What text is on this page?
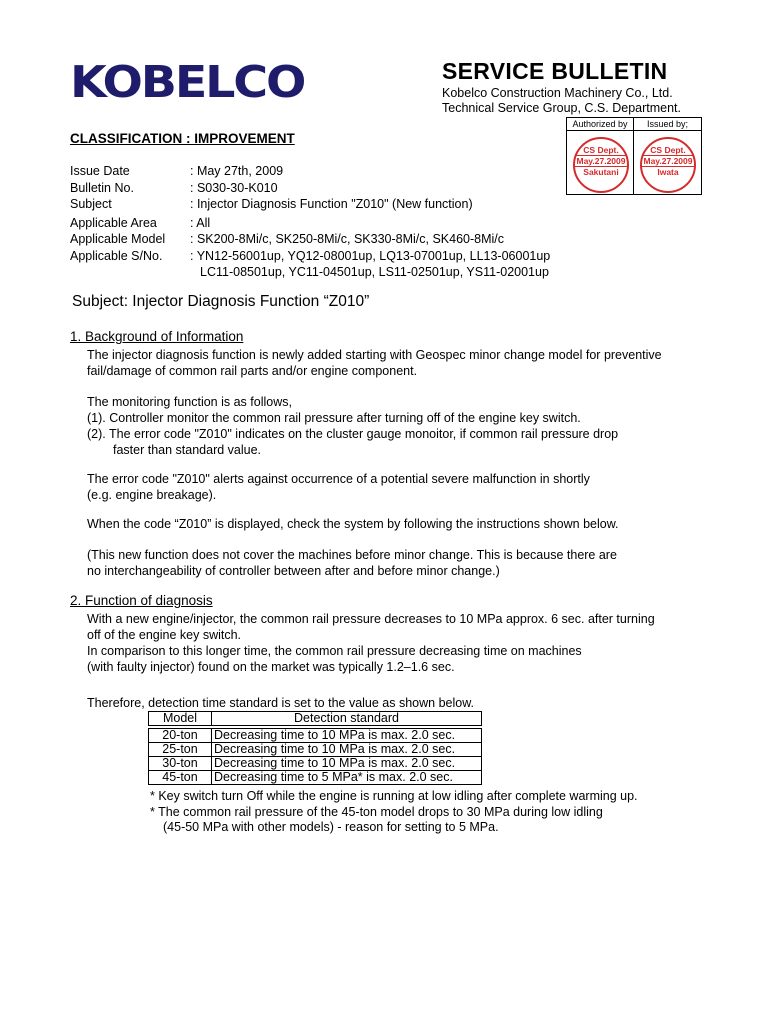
KOBELCO	SERVICE BULLETIN
Kobelco Construction Machinery Co., Ltd.
Technical Service Group, C.S. Department.
Authorized by	Issued by;
CS Dept.
May.27.2009
Sakutani
CS Dept.
May.27.2009
Iwata
CLASSIFICATION : IMPROVEMENT
Issue Date	: May 27th, 2009
Bulletin No.	: S030-30-K010
Subject	: Injector Diagnosis Function "Z010" (New function)
Applicable Area	: All
Applicable Model	: SK200-8Mi/c, SK250-8Mi/c, SK330-8Mi/c, SK460-8Mi/c
Applicable S/No.	: YN12-56001up, YQ12-08001up, LQ13-07001up, LL13-06001up
LC11-08501up, YC11-04501up, LS11-02501up, YS11-02001up
Subject: Injector Diagnosis Function “Z010”
1. Background of Information
The injector diagnosis function is newly added starting with Geospec minor change model for preventive
fail/damage of common rail parts and/or engine component.
The monitoring function is as follows,
(1). Controller monitor the common rail pressure after turning off of the engine key switch.
(2). The error code "Z010" indicates on the cluster gauge monoitor, if common rail pressure drop
faster than standard value.
The error code "Z010" alerts against occurrence of a potential severe malfunction in shortly
(e.g. engine breakage).
When the code “Z010” is displayed, check the system by following the instructions shown below.
(This new function does not cover the machines before minor change. This is because there are
no interchangeability of controller between after and before minor change.)
2. Function of diagnosis
With a new engine/injector, the common rail pressure decreases to 10 MPa approx. 6 sec. after turning
off of the engine key switch.
In comparison to this longer time, the common rail pressure decreasing time on machines
(with faulty injector) found on the market was typically 1.2–1.6 sec.
Therefore, detection time standard is set to the value as shown below.
Model	Detection standard

20-ton	Decreasing time to 10 MPa is max. 2.0 sec.
25-ton	Decreasing time to 10 MPa is max. 2.0 sec.
30-ton	Decreasing time to 10 MPa is max. 2.0 sec.
45-ton	Decreasing time to 5 MPa* is max. 2.0 sec.
* Key switch turn Off while the engine is running at low idling after complete warming up.
* The common rail pressure of the 45-ton model drops to 30 MPa during low idling
(45-50 MPa with other models) - reason for setting to 5 MPa.
